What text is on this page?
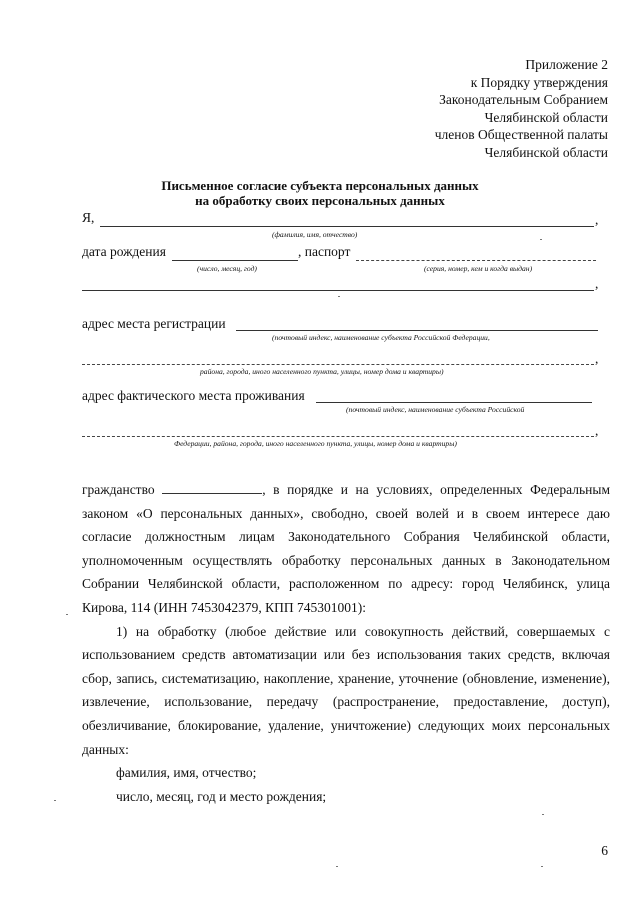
Приложение 2
к Порядку утверждения
Законодательным Собранием
Челябинской области
членов Общественной палаты
Челябинской области
Письменное согласие субъекта персональных данных
на обработку своих персональных данных
Я,	,
(фамилия, имя, отчество)
дата рождения	, паспорт
(число, месяц, год)	(серия, номер, кем и когда выдан)
,
адрес места регистрации
(почтовый индекс, наименование субъекта Российской Федерации,
,
района, города, иного населенного пункта, улицы, номер дома и квартиры)
адрес фактического места проживания
(почтовый индекс, наименование субъекта Российской
,
Федерации, района, города, иного населенного пункта, улицы, номер дома и квартиры)

гражданство	, в порядке и на условиях, определенных Федеральным законом «О персональных данных», свободно, своей волей и в своем интересе даю согласие должностным лицам Законодательного Собрания Челябинской области, уполномоченным осуществлять обработку персональных данных в Законодательном Собрании Челябинской области, расположенном по адресу: город Челябинск, улица Кирова, 114 (ИНН 7453042379, КПП 745301001):

1) на обработку (любое действие или совокупность действий, совершаемых с использованием средств автоматизации или без использования таких средств, включая сбор, запись, систематизацию, накопление, хранение, уточнение (обновление, изменение), извлечение, использование, передачу (распространение, предоставление, доступ), обезличивание, блокирование, удаление, уничтожение) следующих моих персональных данных:

фамилия, имя, отчество;

число, месяц, год и место рождения;

6
